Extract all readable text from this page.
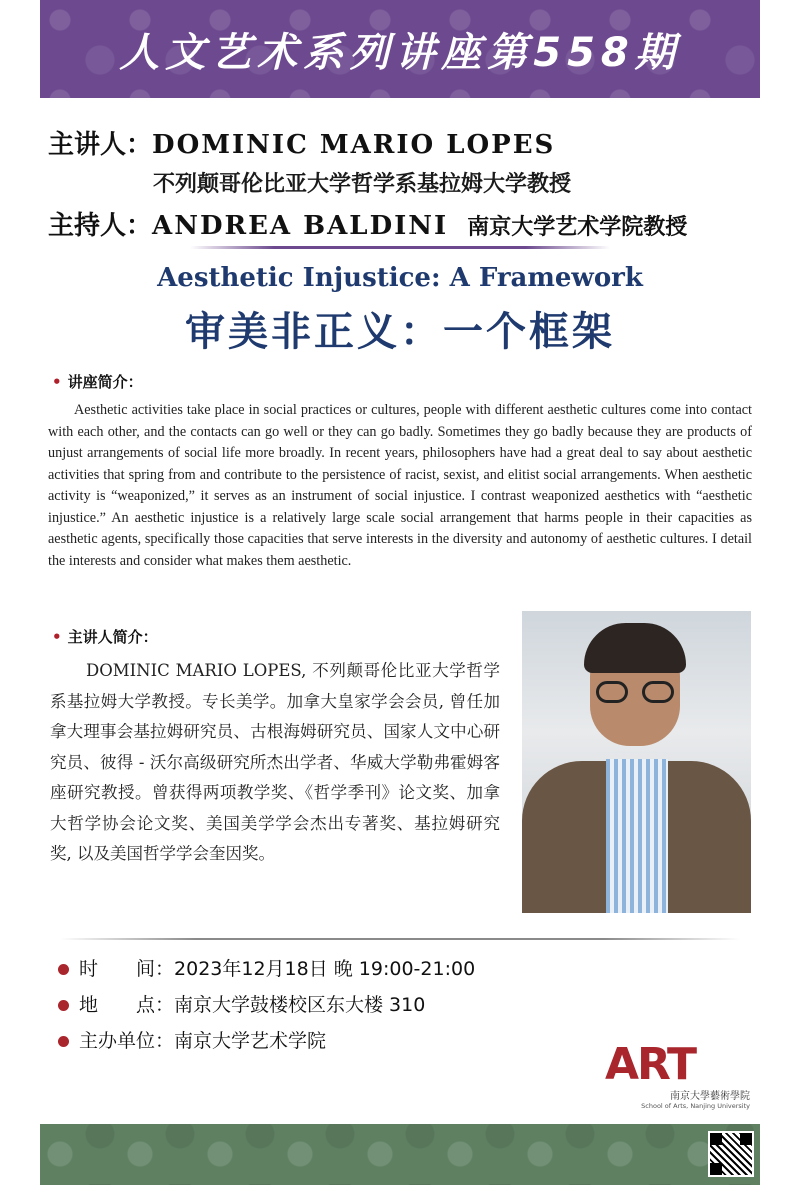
人文艺术系列讲座第558期
主讲人：DOMINIC MARIO LOPES
不列颠哥伦比亚大学哲学系基拉姆大学教授
主持人：ANDREA BALDINI 南京大学艺术学院教授
Aesthetic Injustice: A Framework
审美非正义：一个框架
• 讲座简介：

Aesthetic activities take place in social practices or cultures, people with different aesthetic cultures come into contact with each other, and the contacts can go well or they can go badly. Sometimes they go badly because they are products of unjust arrangements of social life more broadly. In recent years, philosophers have had a great deal to say about aesthetic activities that spring from and contribute to the persistence of racist, sexist, and elitist social arrangements. When aesthetic activity is “weaponized,” it serves as an instrument of social injustice. I contrast weaponized aesthetics with “aesthetic injustice.” An aesthetic injustice is a relatively large scale social arrangement that harms people in their capacities as aesthetic agents, specifically those capacities that serve interests in the diversity and autonomy of aesthetic cultures. I detail the interests and consider what makes them aesthetic.

• 主讲人简介：

DOMINIC MARIO LOPES, 不列颠哥伦比亚大学哲学系基拉姆大学教授。专长美学。加拿大皇家学会会员, 曾任加拿大理事会基拉姆研究员、古根海姆研究员、国家人文中心研究员、彼得 - 沃尔高级研究所杰出学者、华威大学勒弗霍姆客座研究教授。曾获得两项教学奖、《哲学季刊》论文奖、加拿大哲学协会论文奖、美国美学学会杰出专著奖、基拉姆研究奖, 以及美国哲学学会奎因奖。

时　　间：2023年12月18日 晚 19:00-21:00
地　　点：南京大学鼓楼校区东大楼 310
主办单位：南京大学艺术学院	ART
南京大學藝術學院
School of Arts, Nanjing University
